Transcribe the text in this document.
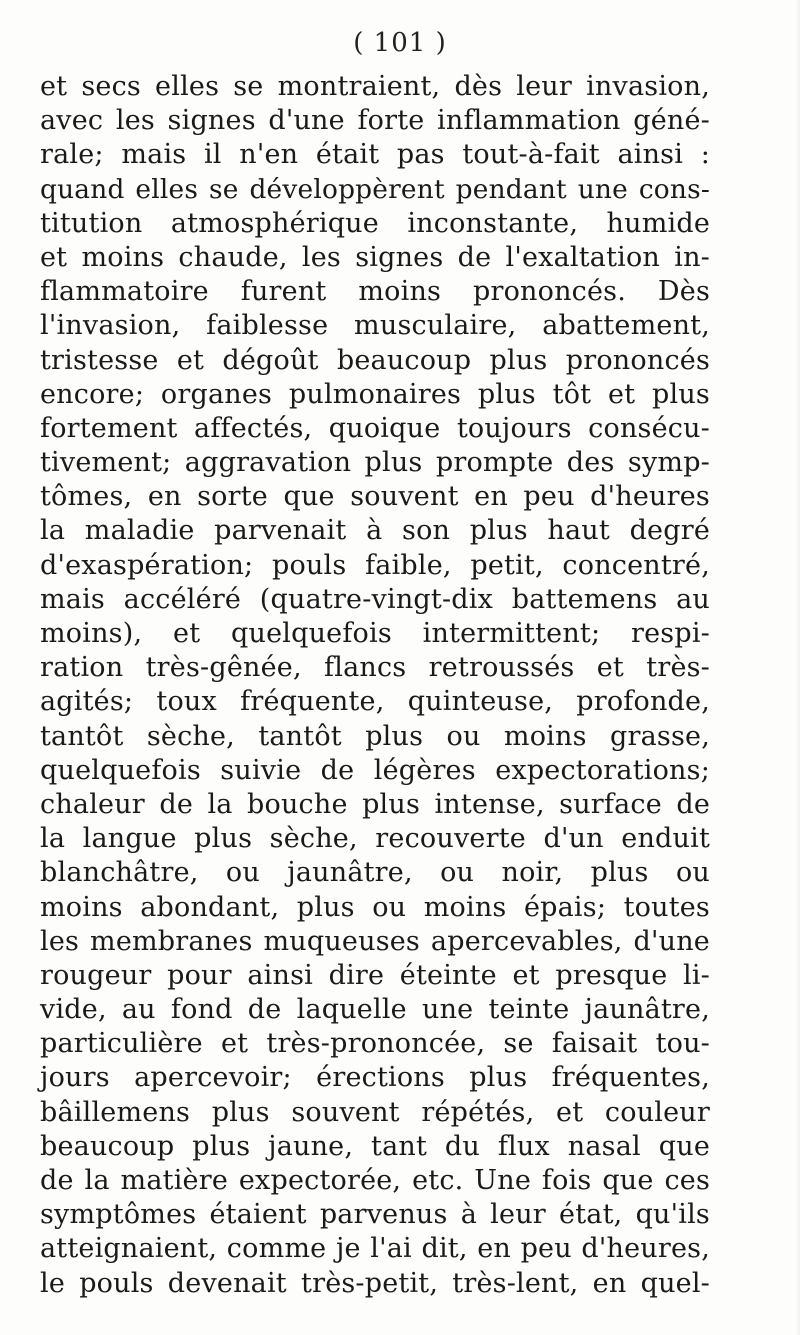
( 101 )
et secs elles se montraient, dès leur invasion,
avec les signes d'une forte inflammation géné-
rale; mais il n'en était pas tout-à-fait ainsi :
quand elles se développèrent pendant une cons-
titution atmosphérique inconstante, humide
et moins chaude, les signes de l'exaltation in-
flammatoire furent moins prononcés. Dès
l'invasion, faiblesse musculaire, abattement,
tristesse et dégoût beaucoup plus prononcés
encore; organes pulmonaires plus tôt et plus
fortement affectés, quoique toujours consécu-
tivement; aggravation plus prompte des symp-
tômes, en sorte que souvent en peu d'heures
la maladie parvenait à son plus haut degré
d'exaspération; pouls faible, petit, concentré,
mais accéléré (quatre-vingt-dix battemens au
moins), et quelquefois intermittent; respi-
ration très-gênée, flancs retroussés et très-
agités; toux fréquente, quinteuse, profonde,
tantôt sèche, tantôt plus ou moins grasse,
quelquefois suivie de légères expectorations;
chaleur de la bouche plus intense, surface de
la langue plus sèche, recouverte d'un enduit
blanchâtre, ou jaunâtre, ou noir, plus ou
moins abondant, plus ou moins épais; toutes
les membranes muqueuses apercevables, d'une
rougeur pour ainsi dire éteinte et presque li-
vide, au fond de laquelle une teinte jaunâtre,
particulière et très-prononcée, se faisait tou-
jours apercevoir; érections plus fréquentes,
bâillemens plus souvent répétés, et couleur
beaucoup plus jaune, tant du flux nasal que
de la matière expectorée, etc. Une fois que ces
symptômes étaient parvenus à leur état, qu'ils
atteignaient, comme je l'ai dit, en peu d'heures,
le pouls devenait très-petit, très-lent, en quel-
